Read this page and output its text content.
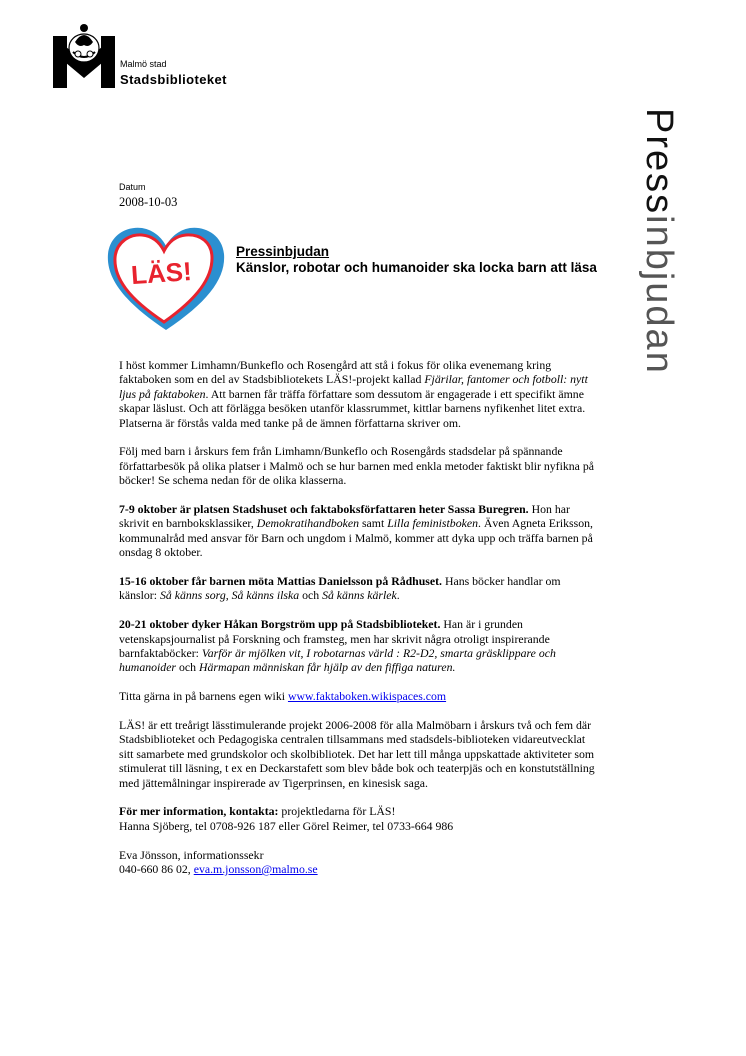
Malmö stad
Stadsbiblioteket
Pressinbjudan
Datum
2008-10-03
LÄS!
Pressinbjudan
Känslor, robotar och humanoider ska locka barn att läsa

I höst kommer Limhamn/Bunkeflo och Rosengård att stå i fokus för olika evenemang kring faktaboken som en del av Stadsbibliotekets LÄS!-projekt kallad Fjärilar, fantomer och fotboll: nytt ljus på faktaboken. Att barnen får träffa författare som dessutom är engagerade i ett specifikt ämne skapar läslust. Och att förlägga besöken utanför klassrummet, kittlar barnens nyfikenhet litet extra. Platserna är förstås valda med tanke på de ämnen författarna skriver om.

Följ med barn i årskurs fem från Limhamn/Bunkeflo och Rosengårds stadsdelar på spännande författarbesök på olika platser i Malmö och se hur barnen med enkla metoder faktiskt blir nyfikna på böcker! Se schema nedan för de olika klasserna.

7-9 oktober är platsen Stadshuset och faktaboksförfattaren heter Sassa Buregren. Hon har skrivit en barnboksklassiker, Demokratihandboken samt Lilla feministboken. Även Agneta Eriksson, kommunalråd med ansvar för Barn och ungdom i Malmö, kommer att dyka upp och träffa barnen på onsdag 8 oktober.

15-16 oktober får barnen möta Mattias Danielsson på Rådhuset. Hans böcker handlar om känslor: Så känns sorg, Så känns ilska och Så känns kärlek.

20-21 oktober dyker Håkan Borgström upp på Stadsbiblioteket. Han är i grunden vetenskapsjournalist på Forskning och framsteg, men har skrivit några otroligt inspirerande barnfaktaböcker: Varför är mjölken vit, I robotarnas värld : R2-D2, smarta gräsklippare och humanoider och Härmapan människan får hjälp av den fiffiga naturen.

Titta gärna in på barnens egen wiki www.faktaboken.wikispaces.com

LÄS! är ett treårigt lässtimulerande projekt 2006-2008 för alla Malmöbarn i årskurs två och fem där Stadsbiblioteket och Pedagogiska centralen tillsammans med stadsdels-biblioteken vidareutvecklat sitt samarbete med grundskolor och skolbibliotek. Det har lett till många uppskattade aktiviteter som stimulerat till läsning, t ex en Deckarstafett som blev både bok och teaterpjäs och en konstutställning med jättemålningar inspirerade av Tigerprinsen, en kinesisk saga.

För mer information, kontakta: projektledarna för LÄS!
Hanna Sjöberg, tel 0708-926 187 eller Görel Reimer, tel 0733-664 986

Eva Jönsson, informationssekr
040-660 86 02, eva.m.jonsson@malmo.se
